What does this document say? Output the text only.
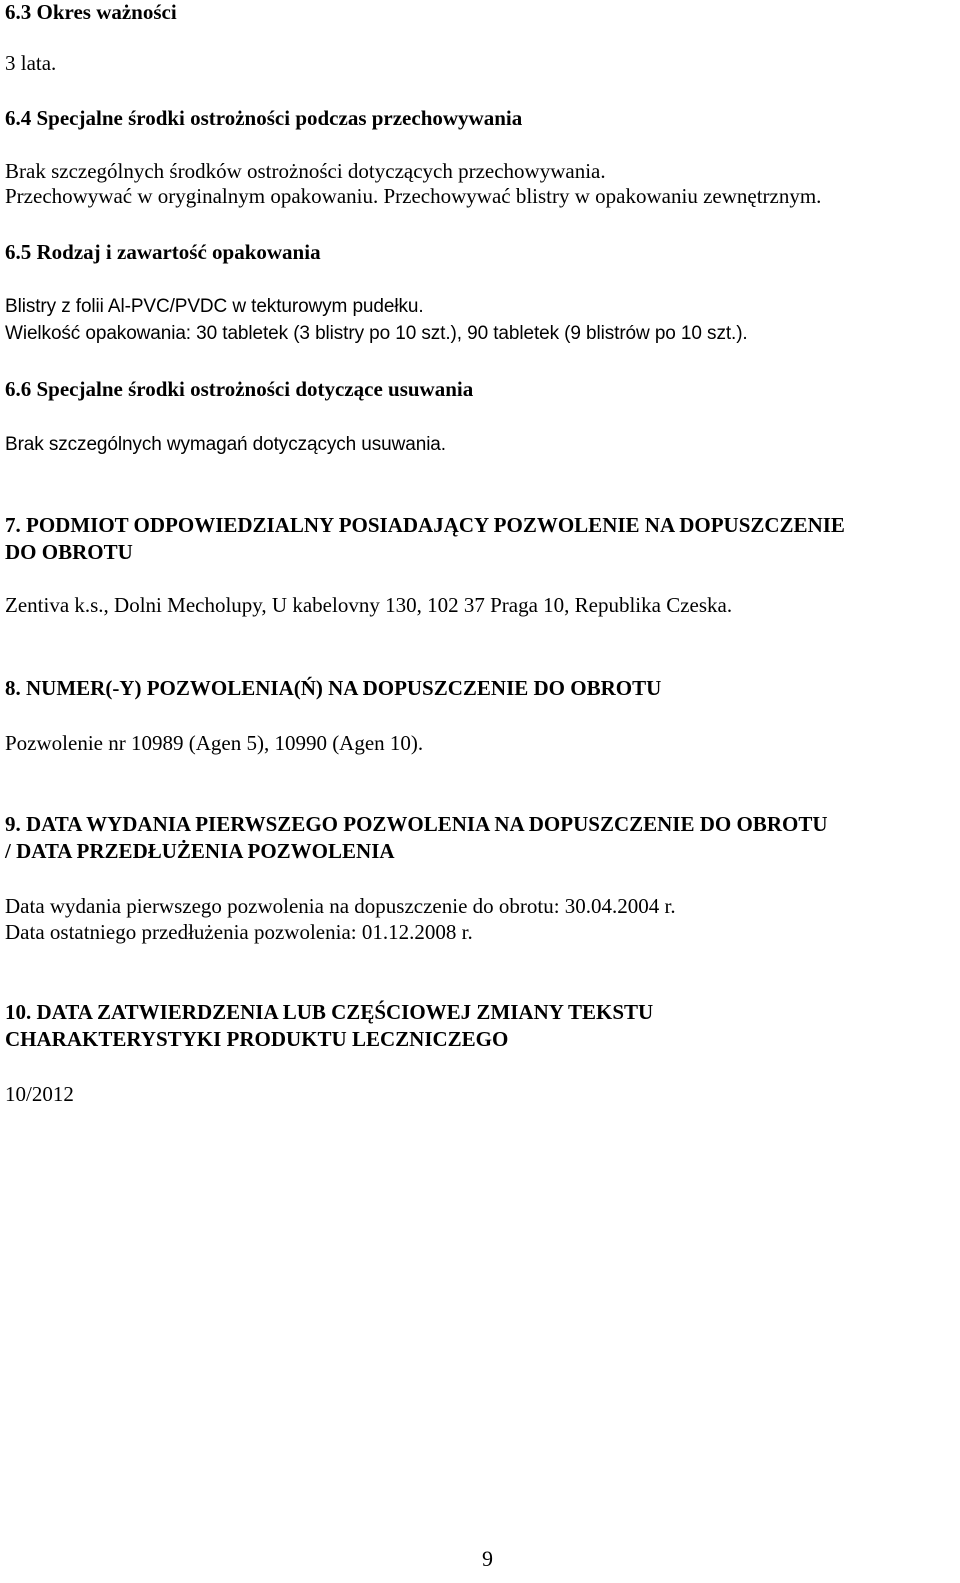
6.3 Okres ważności

3 lata.

6.4 Specjalne środki ostrożności podczas przechowywania

Brak szczególnych środków ostrożności dotyczących przechowywania.

Przechowywać w oryginalnym opakowaniu. Przechowywać blistry w opakowaniu zewnętrznym.

6.5 Rodzaj i zawartość opakowania

Blistry z folii Al-PVC/PVDC w tekturowym pudełku.

Wielkość opakowania: 30 tabletek (3 blistry po 10 szt.), 90 tabletek (9 blistrów po 10 szt.).

6.6 Specjalne środki ostrożności dotyczące usuwania

Brak szczególnych wymagań dotyczących usuwania.

7. PODMIOT ODPOWIEDZIALNY POSIADAJĄCY POZWOLENIE NA DOPUSZCZENIE

DO OBROTU

Zentiva k.s., Dolni Mecholupy, U kabelovny 130, 102 37 Praga 10, Republika Czeska.

8. NUMER(-Y) POZWOLENIA(Ń) NA DOPUSZCZENIE DO OBROTU

Pozwolenie nr 10989 (Agen 5), 10990 (Agen 10).

9. DATA WYDANIA PIERWSZEGO POZWOLENIA NA DOPUSZCZENIE DO OBROTU

/ DATA PRZEDŁUŻENIA POZWOLENIA

Data wydania pierwszego pozwolenia na dopuszczenie do obrotu: 30.04.2004 r.

Data ostatniego przedłużenia pozwolenia: 01.12.2008 r.

10. DATA ZATWIERDZENIA LUB CZĘŚCIOWEJ ZMIANY TEKSTU

CHARAKTERYSTYKI PRODUKTU LECZNICZEGO

10/2012

9
